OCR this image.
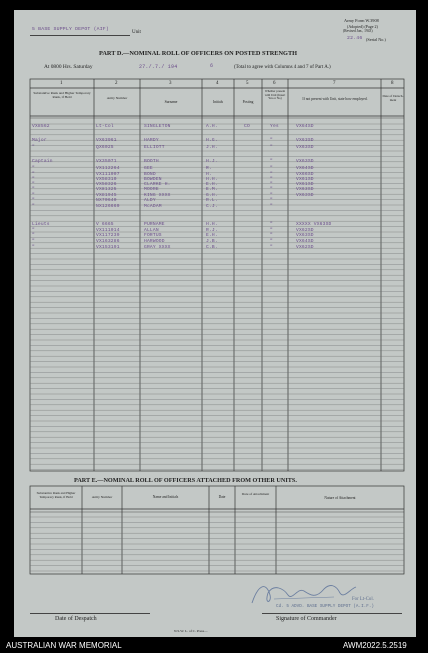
5 BASE SUPPLY DEPOT (AIF)
Unit
Army Form W.3908
(Adopted) (Page 2)
(Revised Jan., 1943)
22.46 (Serial No.)
PART D.—NOMINAL ROLL OF OFFICERS ON POSTED STRENGTH
At 0800 Hrs. Saturday	27./.7./ 194	6	(Total to agree with Columns 4 and 7 of Part A.)
1	2	3	4	5	6	7	8
Substantive Rank and Higher Temporary Rank, if Held	Army Number
Surname	Initials	Posting
Whether present with Unit (Insert Yes or No)	If not present with Unit, state how employed.
Date of Detach-ment
VX8562	Lt-Col	SINGLETON	A.H.	CO	Yes	VX64SD
Major	VX63961	HARDY	H.G.	"	VX63SD
"	QX6025	ELLIOTT	J.H.	"	VX63SD
Captain	VX35071	BOOTH	H.J.	"	VX63SD
"	VX112264	GEE	R.	"	VX64SD
"	VX111007	BOND	H.	"	VX66SD
"	VX58310	BOWDEN	H.H.	"	VX61SD
"	VX58326	CLARKE H.	E.H.	"	VX61SD
"	VX81325	MOORE	E.M.	"	VX63SD
"	VX81945	KING XXXX	G.H.	"	VX63SD
"	NX70640	ALDY	R.L.	"
"	NX126669	McADAM	C.J.	"
Lieuts	V 6665	PURNAME	H.H.	"	XXXXX VX63SD
"	VX111014	ALLAN	R.J.	"	VX62SD
"	VX117239	FORTUS	E.H.	"	VX63SD
"	VX163286	HARWOOD	J.B.	"	VX64SD
"	VX153191	GRAY XXXX	C.B.	"	VX62SD
PART E.—NOMINAL ROLL OF OFFICERS ATTACHED FROM OTHER UNITS.
Substantive Rank and Higher Temporary Rank, if Held	Army Number	Name and Initials	Date
Date of Attachment
Nature of Attachment
For Lt-Col.
Cd. 5 ADVD. BASE SUPPLY DEPOT (A.I.F.)
Date of Despatch	Signature of Commander
N.S.W. L. of C. Press—
AUSTRALIAN WAR MEMORIAL	AWM2022.5.2519
